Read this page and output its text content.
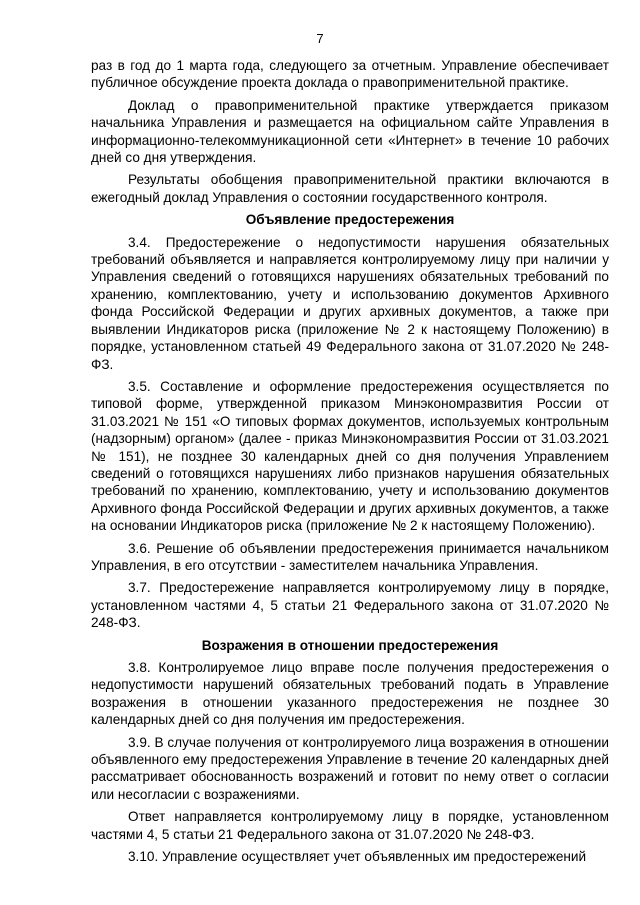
7

раз в год до 1 марта года, следующего за отчетным. Управление обеспечивает публичное обсуждение проекта доклада о правоприменительной практике.

Доклад о правоприменительной практике утверждается приказом начальника Управления и размещается на официальном сайте Управления в информационно-телекоммуникационной сети «Интернет» в течение 10 рабочих дней со дня утверждения.

Результаты обобщения правоприменительной практики включаются в ежегодный доклад Управления о состоянии государственного контроля.

Объявление предостережения

3.4. Предостережение о недопустимости нарушения обязательных требований объявляется и направляется контролируемому лицу при наличии у Управления сведений о готовящихся нарушениях обязательных требований по хранению, комплектованию, учету и использованию документов Архивного фонда Российской Федерации и других архивных документов, а также при выявлении Индикаторов риска (приложение № 2 к настоящему Положению) в порядке, установленном статьей 49 Федерального закона от 31.07.2020 № 248-ФЗ.

3.5. Составление и оформление предостережения осуществляется по типовой форме, утвержденной приказом Минэкономразвития России от 31.03.2021 № 151 «О типовых формах документов, используемых контрольным (надзорным) органом» (далее - приказ Минэкономразвития России от 31.03.2021 № 151), не позднее 30 календарных дней со дня получения Управлением сведений о готовящихся нарушениях либо признаков нарушения обязательных требований по хранению, комплектованию, учету и использованию документов Архивного фонда Российской Федерации и других архивных документов, а также на основании Индикаторов риска (приложение № 2 к настоящему Положению).

3.6. Решение об объявлении предостережения принимается начальником Управления, в его отсутствии - заместителем начальника Управления.

3.7. Предостережение направляется контролируемому лицу в порядке, установленном частями 4, 5 статьи 21 Федерального закона от 31.07.2020 № 248-ФЗ.

Возражения в отношении предостережения

3.8. Контролируемое лицо вправе после получения предостережения о недопустимости нарушений обязательных требований подать в Управление возражения в отношении указанного предостережения не позднее 30 календарных дней со дня получения им предостережения.

3.9. В случае получения от контролируемого лица возражения в отношении объявленного ему предостережения Управление в течение 20 календарных дней рассматривает обоснованность возражений и готовит по нему ответ о согласии или несогласии с возражениями.

Ответ направляется контролируемому лицу в порядке, установленном частями 4, 5 статьи 21 Федерального закона от 31.07.2020 № 248-ФЗ.

3.10. Управление осуществляет учет объявленных им предостережений
